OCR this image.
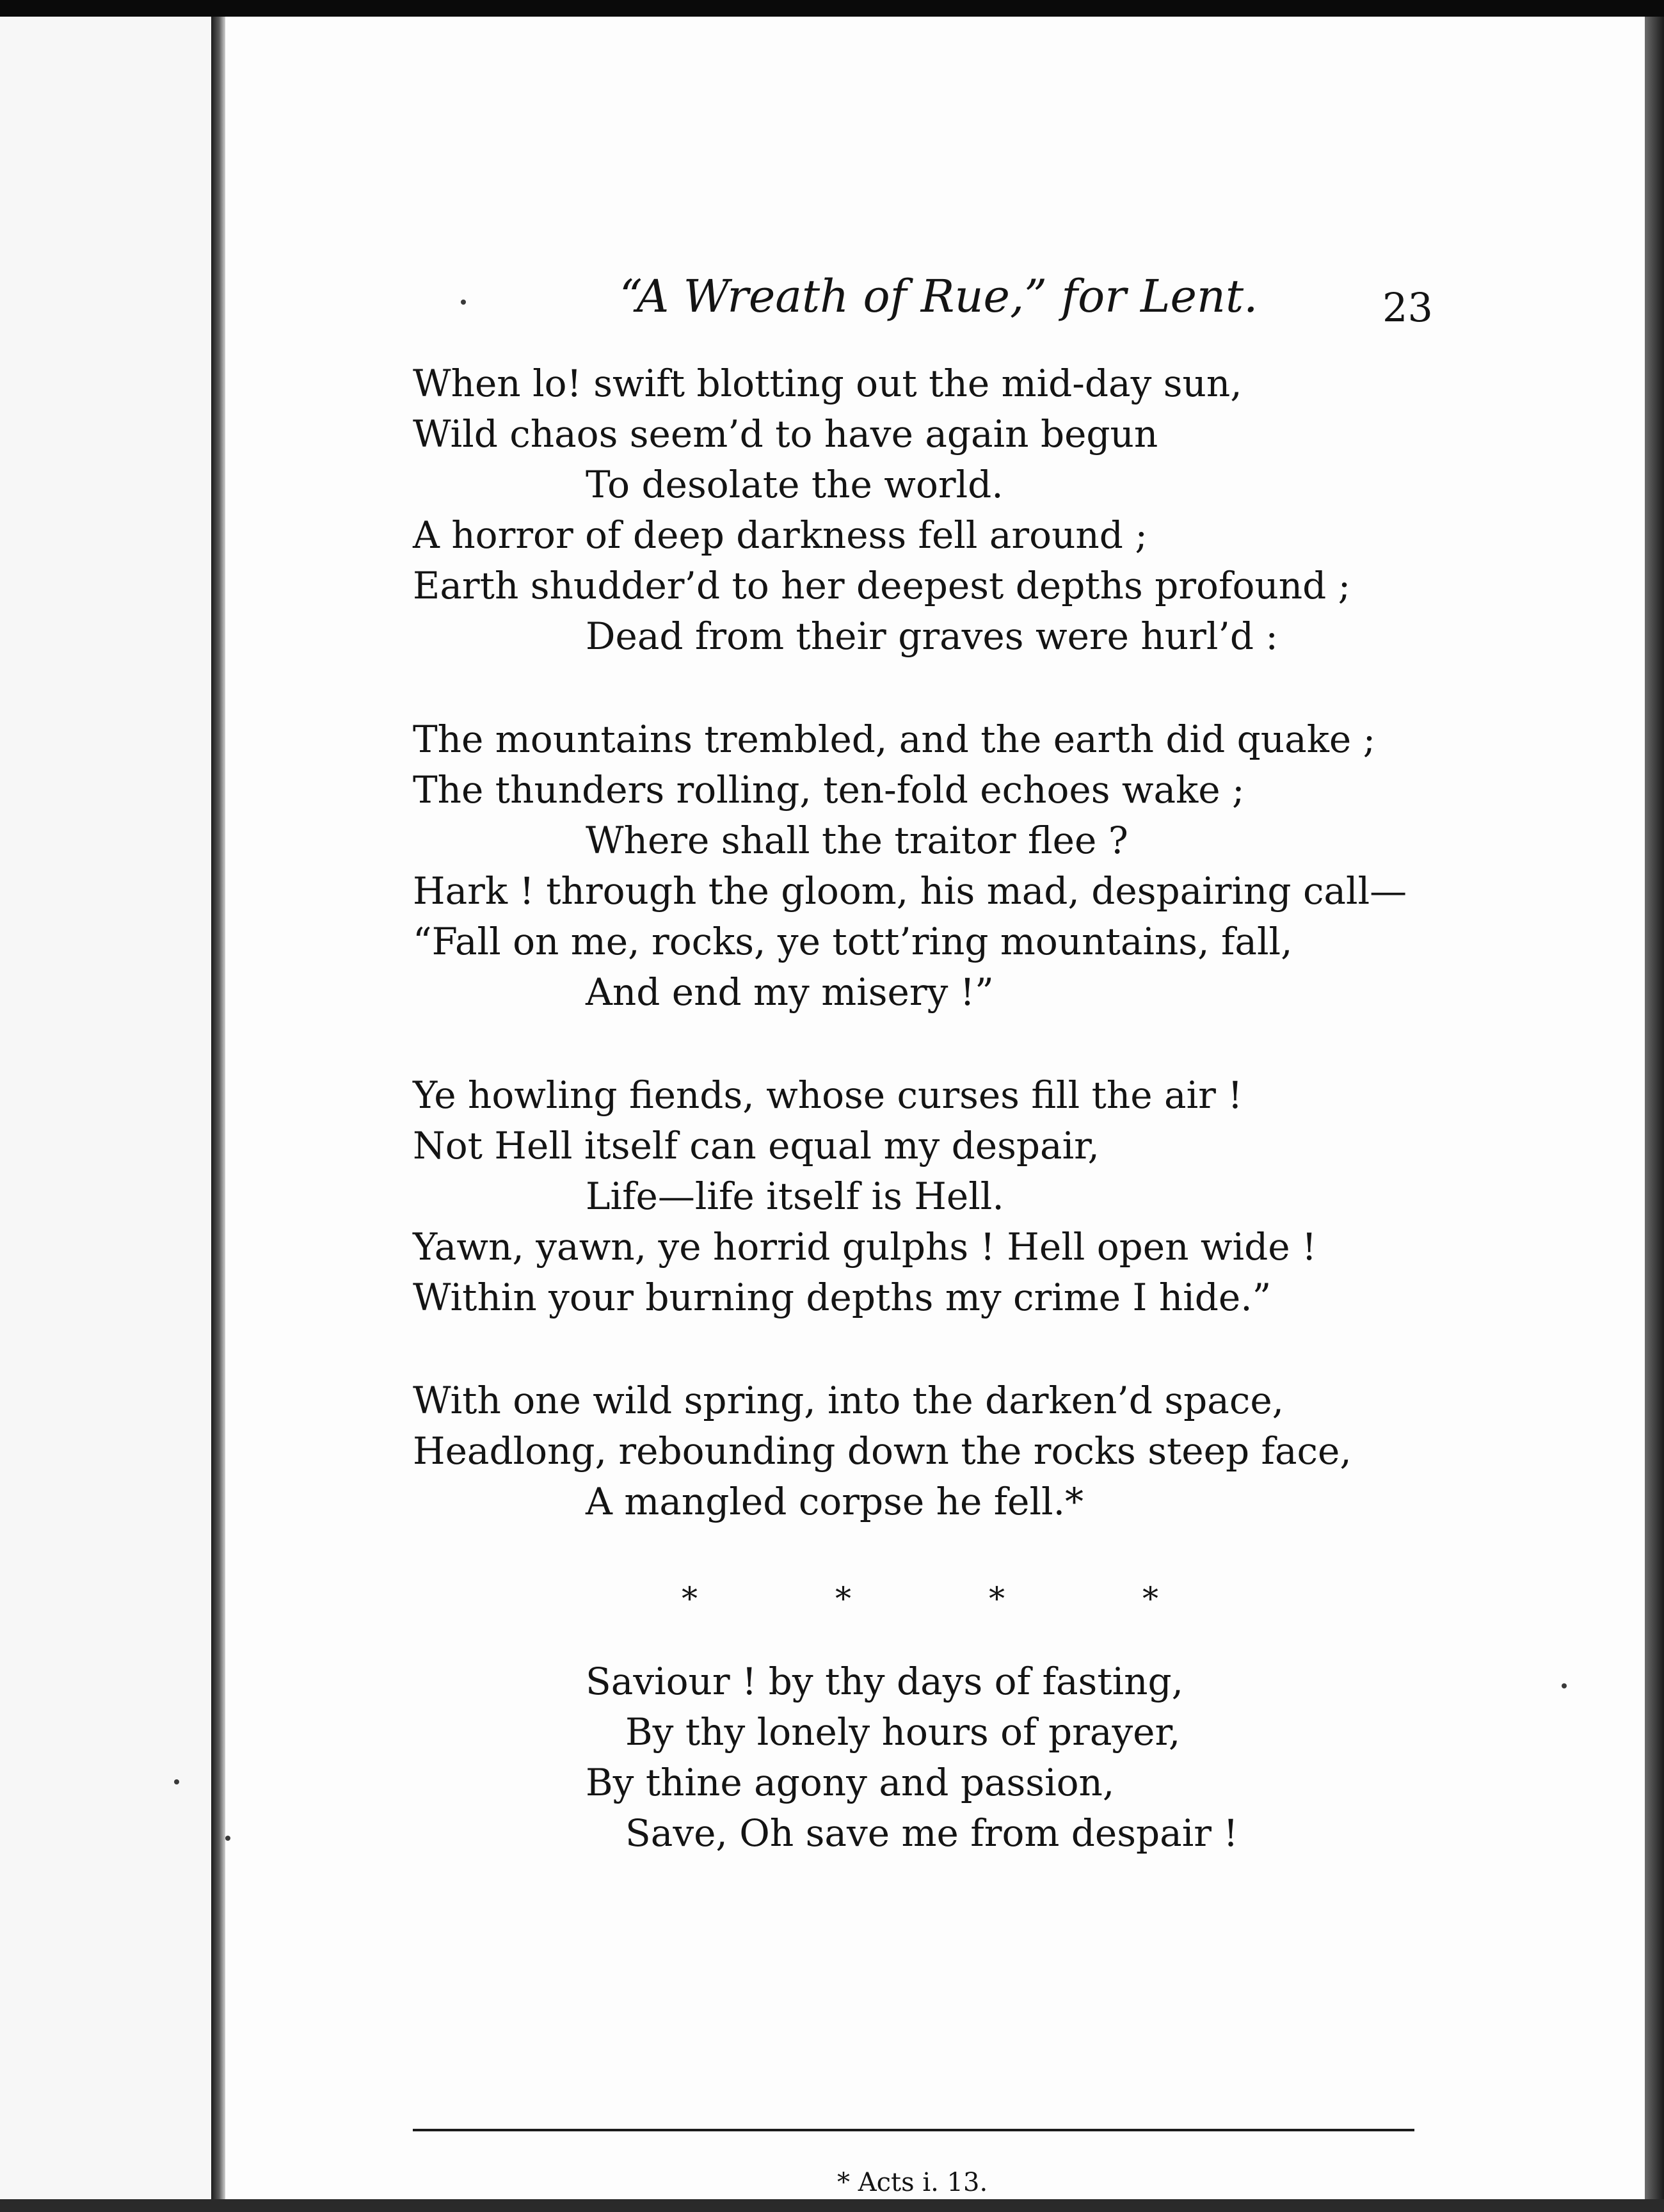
“A Wreath of Rue,” for Lent.	23
When lo! swift blotting out the mid-day sun,
Wild chaos seem’d to have again begun
To desolate the world.
A horror of deep darkness fell around ;
Earth shudder’d to her deepest depths profound ;
Dead from their graves were hurl’d :
The mountains trembled, and the earth did quake ;
The thunders rolling, ten-fold echoes wake ;
Where shall the traitor flee ?
Hark ! through the gloom, his mad, despairing call—
“Fall on me, rocks, ye tott’ring mountains, fall,
And end my misery !”
Ye howling fiends, whose curses fill the air !
Not Hell itself can equal my despair,
Life—life itself is Hell.
Yawn, yawn, ye horrid gulphs ! Hell open wide !
Within your burning depths my crime I hide.”
With one wild spring, into the darken’d space,
Headlong, rebounding down the rocks steep face,
A mangled corpse he fell.*
*	*	*	*
Saviour ! by thy days of fasting,
By thy lonely hours of prayer,
By thine agony and passion,
Save, Oh save me from despair !
* Acts i. 13.
